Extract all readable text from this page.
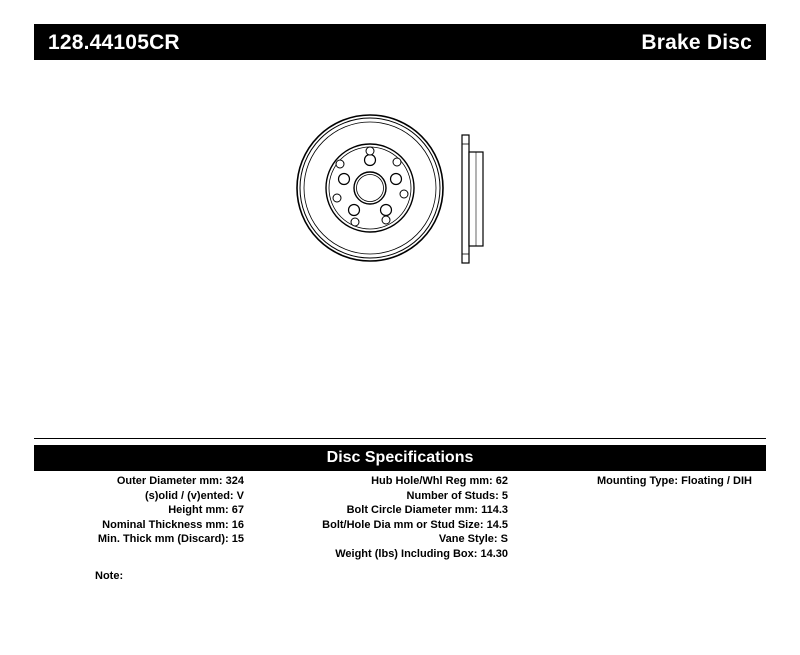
128.44105CR	Brake Disc
Disc Specifications
Outer Diameter mm: 324
(s)olid / (v)ented: V
Height mm: 67
Nominal Thickness mm: 16
Min. Thick mm (Discard): 15
Hub Hole/Whl Reg mm: 62
Number of Studs: 5
Bolt Circle Diameter mm: 114.3
Bolt/Hole Dia mm or Stud Size: 14.5
Vane Style: S
Weight (lbs) Including Box: 14.30
Mounting Type: Floating / DIH
Note:
